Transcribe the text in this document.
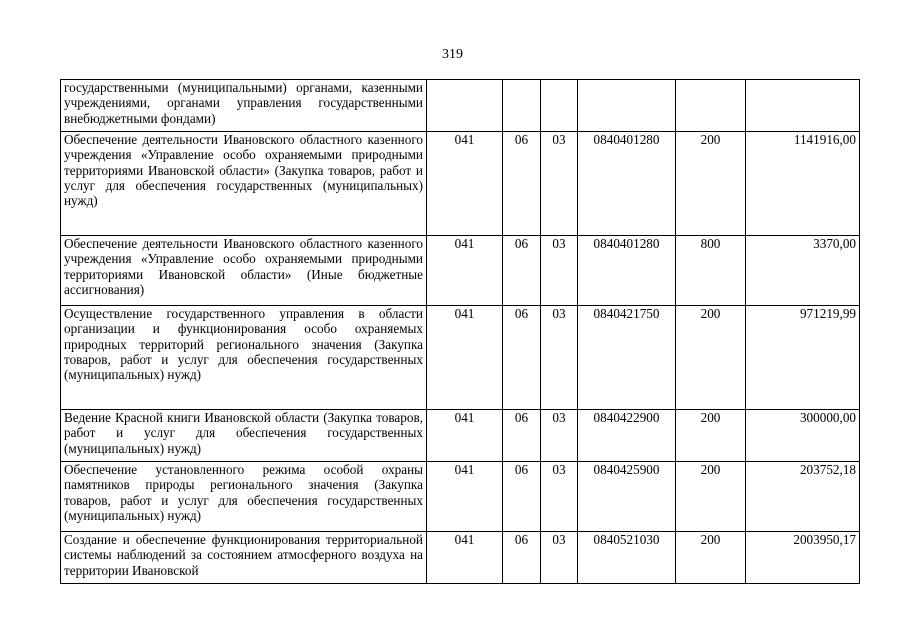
319
государственными (муниципальными) органами, казенными учреждениями, органами управления государственными внебюджетными фондами)						
Обеспечение деятельности Ивановского областного казенного учреждения «Управление особо охраняемыми природными территориями Ивановской области» (Закупка товаров, работ и услуг для обеспечения государственных (муниципальных) нужд)	041	06	03	0840401280	200	1141916,00
Обеспечение деятельности Ивановского областного казенного учреждения «Управление особо охраняемыми природными территориями Ивановской области» (Иные бюджетные ассигнования)	041	06	03	0840401280	800	3370,00
Осуществление государственного управления в области организации и функционирования особо охраняемых природных территорий регионального значения (Закупка товаров, работ и услуг для обеспечения государственных (муниципальных) нужд)	041	06	03	0840421750	200	971219,99
Ведение Красной книги Ивановской области (Закупка товаров, работ и услуг для обеспечения государственных (муниципальных) нужд)	041	06	03	0840422900	200	300000,00
Обеспечение установленного режима особой охраны памятников природы регионального значения (Закупка товаров, работ и услуг для обеспечения государственных (муниципальных) нужд)	041	06	03	0840425900	200	203752,18
Создание и обеспечение функционирования территориальной системы наблюдений за состоянием атмосферного воздуха на территории Ивановской	041	06	03	0840521030	200	2003950,17
